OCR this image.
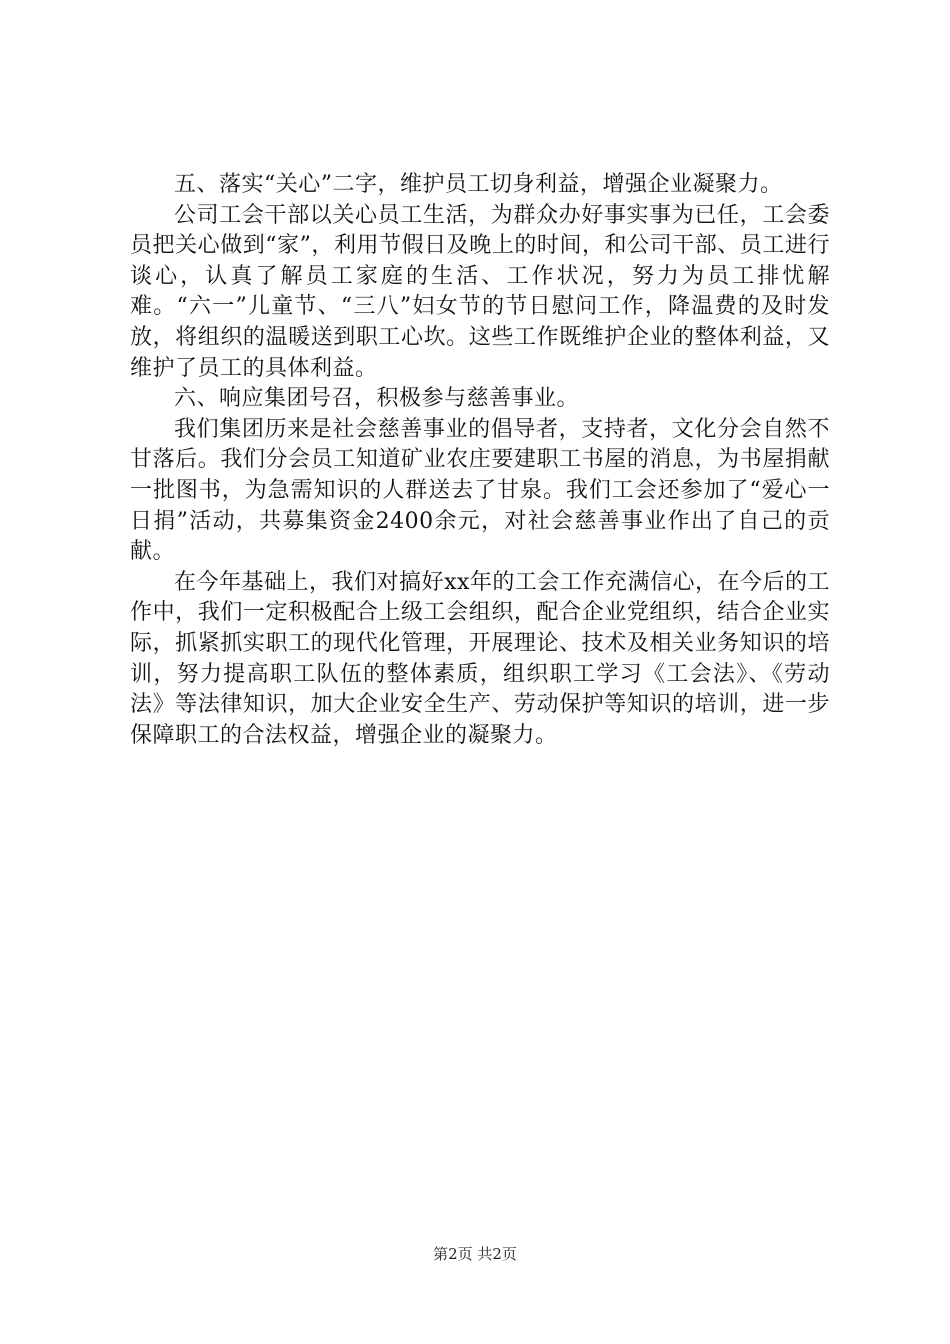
五、落实“关心”二字，维护员工切身利益，增强企业凝聚力。

公司工会干部以关心员工生活，为群众办好事实事为已任，工会委员把关心做到“家”，利用节假日及晚上的时间，和公司干部、员工进行谈心，认真了解员工家庭的生活、工作状况，努力为员工排忧解难。“六一”儿童节、“三八”妇女节的节日慰问工作，降温费的及时发放，将组织的温暖送到职工心坎。这些工作既维护企业的整体利益，又维护了员工的具体利益。

六、响应集团号召，积极参与慈善事业。

我们集团历来是社会慈善事业的倡导者，支持者，文化分会自然不甘落后。我们分会员工知道矿业农庄要建职工书屋的消息，为书屋捐献一批图书，为急需知识的人群送去了甘泉。我们工会还参加了“爱心一日捐”活动，共募集资金2400余元，对社会慈善事业作出了自己的贡献。

在今年基础上，我们对搞好xx年的工会工作充满信心，在今后的工作中，我们一定积极配合上级工会组织，配合企业党组织，结合企业实际，抓紧抓实职工的现代化管理，开展理论、技术及相关业务知识的培训，努力提高职工队伍的整体素质，组织职工学习《工会法》、《劳动法》等法律知识，加大企业安全生产、劳动保护等知识的培训，进一步保障职工的合法权益，增强企业的凝聚力。

第2页 共2页
